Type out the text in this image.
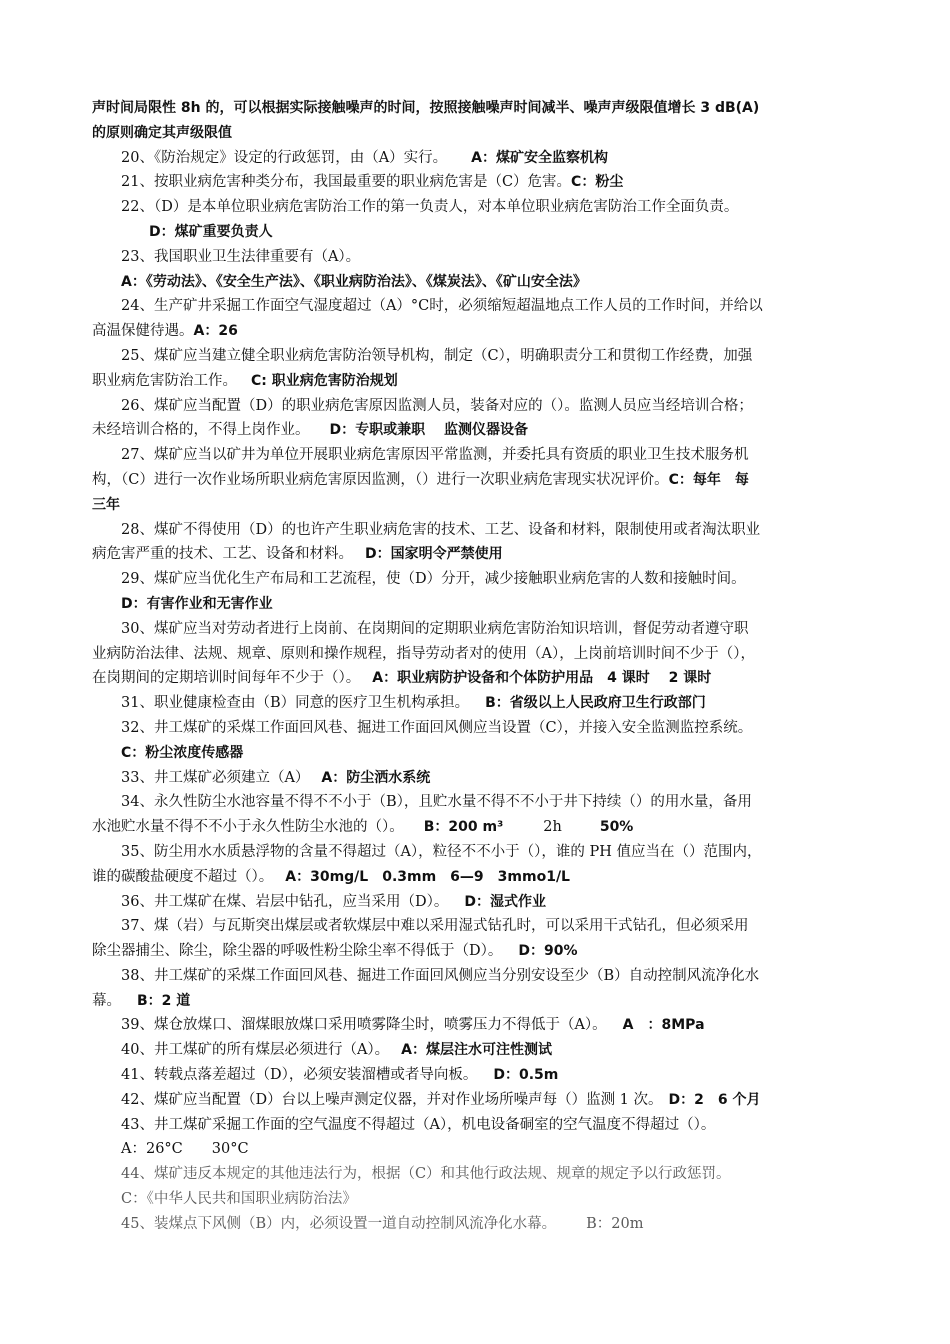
声时间局限性 8h 的，可以根据实际接触噪声的时间，按照接触噪声时间减半、噪声声级限值增长 3 dB(A)
的原则确定其声级限值
20、《防治规定》设定的行政惩罚，由（A）实行。 A：煤矿安全监察机构
21、按职业病危害种类分布，我国最重要的职业病危害是（C）危害。C：粉尘
22、（D）是本单位职业病危害防治工作的第一负责人，对本单位职业病危害防治工作全面负责。
D：煤矿重要负责人
23、我国职业卫生法律重要有（A）。
A：《劳动法》、《安全生产法》、《职业病防治法》、《煤炭法》、《矿山安全法》
24、生产矿井采掘工作面空气湿度超过（A）°C时，必须缩短超温地点工作人员的工作时间，并给以
高温保健待遇。A：26
25、煤矿应当建立健全职业病危害防治领导机构，制定（C），明确职责分工和贯彻工作经费，加强
职业病危害防治工作。 C: 职业病危害防治规划
26、煤矿应当配置（D）的职业病危害原因监测人员，装备对应的（）。监测人员应当经培训合格；
未经培训合格的，不得上岗作业。 D：专职或兼职　 监测仪器设备
27、煤矿应当以矿井为单位开展职业病危害原因平常监测，并委托具有资质的职业卫生技术服务机
构，（C）进行一次作业场所职业病危害原因监测，（）进行一次职业病危害现实状况评价。C：每年　每
三年
28、煤矿不得使用（D）的也许产生职业病危害的技术、工艺、设备和材料，限制使用或者淘汰职业
病危害严重的技术、工艺、设备和材料。 D：国家明令严禁使用
29、煤矿应当优化生产布局和工艺流程，使（D）分开，减少接触职业病危害的人数和接触时间。
D：有害作业和无害作业
30、煤矿应当对劳动者进行上岗前、在岗期间的定期职业病危害防治知识培训，督促劳动者遵守职
业病防治法律、法规、规章、原则和操作规程，指导劳动者对的使用（A），上岗前培训时间不少于（），
在岗期间的定期培训时间每年不少于（）。 A：职业病防护设备和个体防护用品　4 课时　 2 课时
31、职业健康检查由（B）同意的医疗卫生机构承担。 B：省级以上人民政府卫生行政部门
32、井工煤矿的采煤工作面回风巷、掘进工作面回风侧应当设置（C），并接入安全监测监控系统。
C：粉尘浓度传感器
33、井工煤矿必须建立（A） A：防尘洒水系统
34、永久性防尘水池容量不得不不小于（B），且贮水量不得不不小于井下持续（）的用水量，备用
水池贮水量不得不不小于永久性防尘水池的（）。 B：200 m³	2h	50%
35、防尘用水水质悬浮物的含量不得超过（A），粒径不不小于（），谁的 PH 值应当在（）范围内，
谁的碳酸盐硬度不超过（）。 A：30mg/L　0.3mm　6—9　3mmo1/L
36、井工煤矿在煤、岩层中钻孔，应当采用（D）。 D：湿式作业
37、煤（岩）与瓦斯突出煤层或者软煤层中难以采用湿式钻孔时，可以采用干式钻孔，但必须采用
除尘器捕尘、除尘，除尘器的呼吸性粉尘除尘率不得低于（D）。 D：90%
38、井工煤矿的采煤工作面回风巷、掘进工作面回风侧应当分别安设至少（B）自动控制风流净化水
幕。 B：2 道
39、煤仓放煤口、溜煤眼放煤口采用喷雾降尘时，喷雾压力不得低于（A）。 A　：8MPa
40、井工煤矿的所有煤层必须进行（A）。 A：煤层注水可注性测试
41、转载点落差超过（D），必须安装溜槽或者导向板。 D：0.5m
42、煤矿应当配置（D）台以上噪声测定仪器，并对作业场所噪声每（）监测 1 次。 D：2　6 个月
43、井工煤矿采掘工作面的空气温度不得超过（A），机电设备硐室的空气温度不得超过（）。
A：26°C　　30°C
44、煤矿违反本规定的其他违法行为，根据（C）和其他行政法规、规章的规定予以行政惩罚。
C：《中华人民共和国职业病防治法》
45、装煤点下风侧（B）内，必须设置一道自动控制风流净化水幕。 B：20m
